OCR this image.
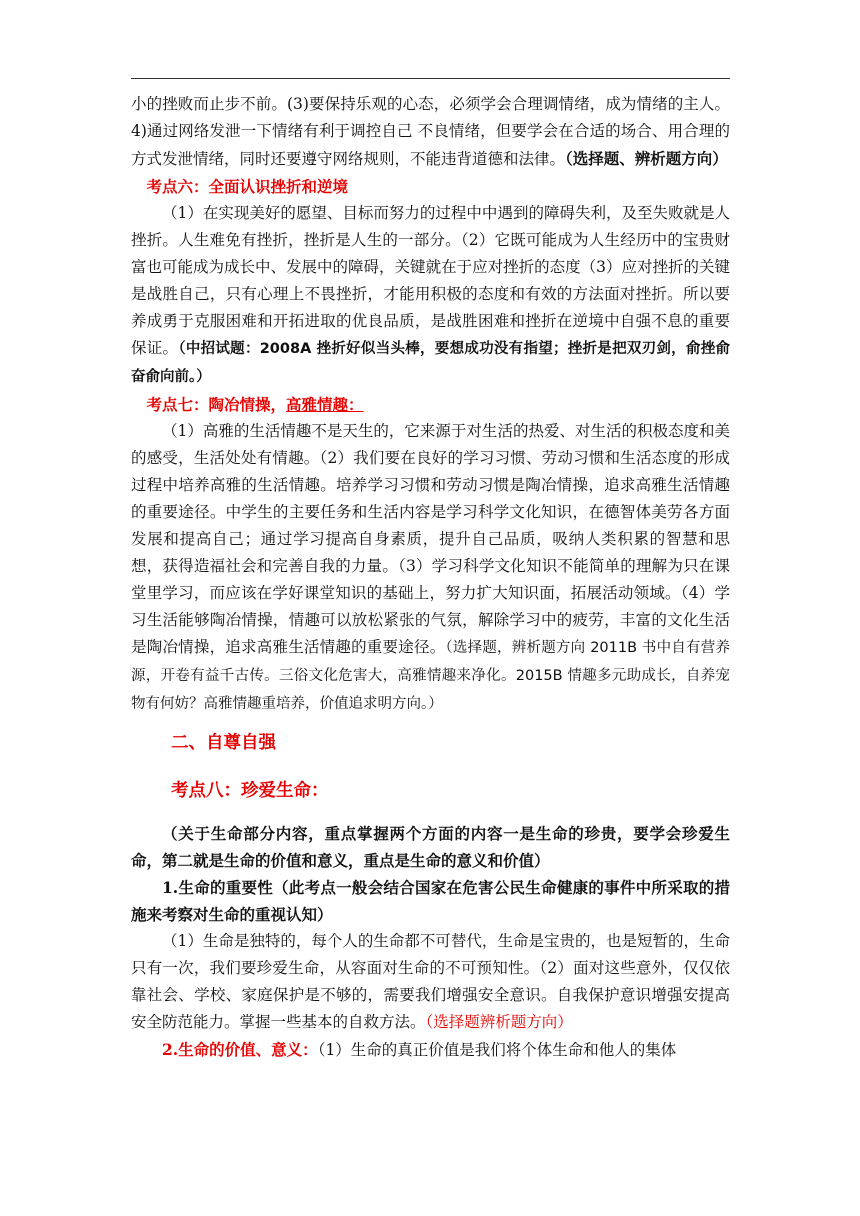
小的挫败而止步不前。(3)要保持乐观的心态，必须学会合理调情绪，成为情绪的主人。4)通过网络发泄一下情绪有利于调控自己 不良情绪，但要学会在合适的场合、用合理的方式发泄情绪，同时还要遵守网络规则，不能违背道德和法律。（选择题、辨析题方向）

考点六：全面认识挫折和逆境

（1）在实现美好的愿望、目标而努力的过程中中遇到的障碍失利，及至失败就是人挫折。人生难免有挫折，挫折是人生的一部分。（2）它既可能成为人生经历中的宝贵财富也可能成为成长中、发展中的障碍，关键就在于应对挫折的态度（3）应对挫折的关键是战胜自己，只有心理上不畏挫折，才能用积极的态度和有效的方法面对挫折。所以要养成勇于克服困难和开拓进取的优良品质，是战胜困难和挫折在逆境中自强不息的重要保证。（中招试题：2008A 挫折好似当头棒，要想成功没有指望；挫折是把双刃剑，俞挫俞奋俞向前。）

考点七：陶冶情操，高雅情趣：

（1）高雅的生活情趣不是天生的，它来源于对生活的热爱、对生活的积极态度和美的感受，生活处处有情趣。（2）我们要在良好的学习习惯、劳动习惯和生活态度的形成过程中培养高雅的生活情趣。培养学习习惯和劳动习惯是陶冶情操，追求高雅生活情趣的重要途径。中学生的主要任务和生活内容是学习科学文化知识，在德智体美劳各方面发展和提高自己；通过学习提高自身素质，提升自己品质，吸纳人类积累的智慧和思想，获得造福社会和完善自我的力量。（3）学习科学文化知识不能简单的理解为只在课堂里学习，而应该在学好课堂知识的基础上，努力扩大知识面，拓展活动领域。（4）学习生活能够陶冶情操，情趣可以放松紧张的气氛，解除学习中的疲劳，丰富的文化生活是陶冶情操，追求高雅生活情趣的重要途径。（选择题，辨析题方向 2011B 书中自有营养源，开卷有益千古传。三俗文化危害大，高雅情趣来净化。2015B 情趣多元助成长，自养宠物有何妨？高雅情趣重培养，价值追求明方向。）

二、自尊自强

考点八：珍爱生命：

（关于生命部分内容，重点掌握两个方面的内容一是生命的珍贵，要学会珍爱生命，第二就是生命的价值和意义，重点是生命的意义和价值）

1.生命的重要性（此考点一般会结合国家在危害公民生命健康的事件中所采取的措施来考察对生命的重视认知）

（1）生命是独特的，每个人的生命都不可替代，生命是宝贵的，也是短暂的，生命只有一次，我们要珍爱生命，从容面对生命的不可预知性。（2）面对这些意外，仅仅依靠社会、学校、家庭保护是不够的，需要我们增强安全意识。自我保护意识增强安提高安全防范能力。掌握一些基本的自救方法。（选择题辨析题方向）

2.生命的价值、意义：（1）生命的真正价值是我们将个体生命和他人的集体
